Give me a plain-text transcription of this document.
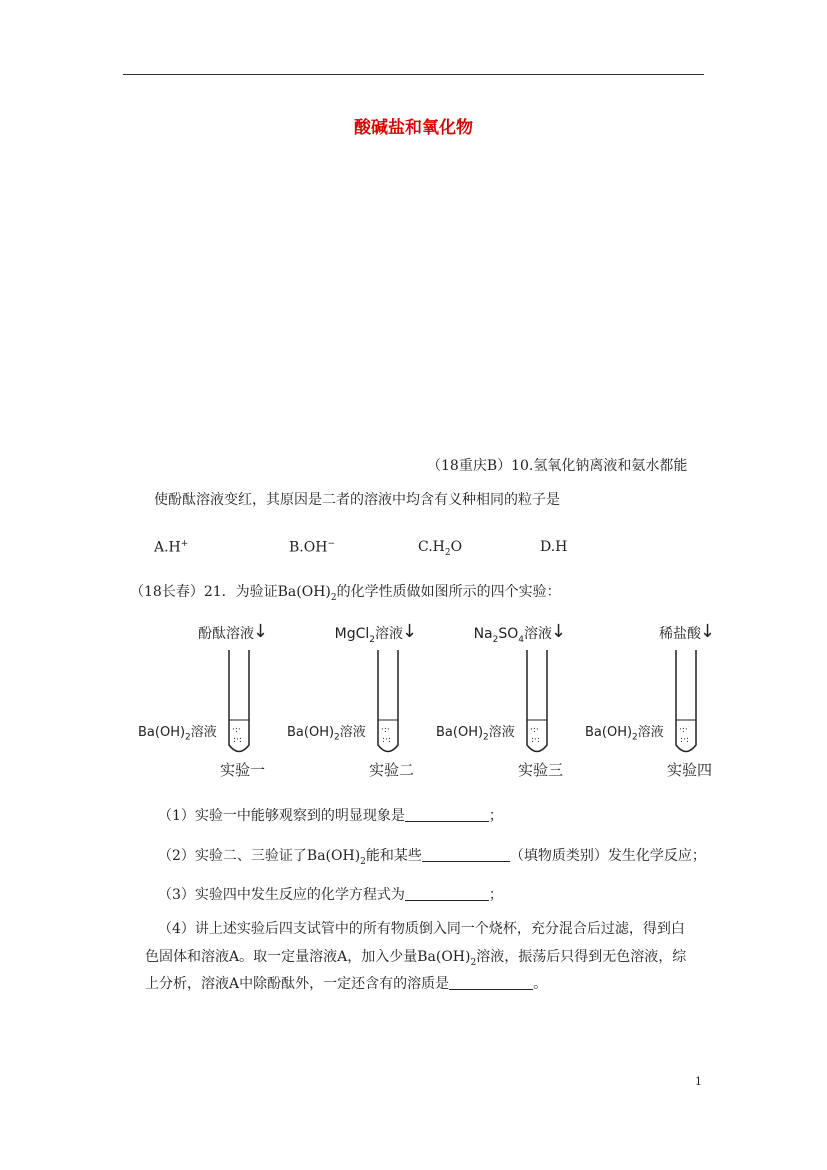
酸碱盐和氧化物
（18重庆B）10.氢氧化钠离液和氨水都能
使酚酞溶液变红，其原因是二者的溶液中均含有义种相同的粒子是
A.H+	B.OH−	$C.H_2O$	D.H
（18长春）21．为验证$Ba(OH)_2$的化学性质做如图所示的四个实验：
酚酞溶液
↓
·:·
:·:
$Ba(OH)_2$溶液
实验一
MgCl$_2$溶液
↓
·:·
:·:
$Ba(OH)_2$溶液
实验二
$Na_2SO_4$溶液
↓
·:·
:·:
$Ba(OH)_2$溶液
实验三
稀盐酸
↓
·:·
:·:
$Ba(OH)_2$溶液
实验四
（1）实验一中能够观察到的明显现象是	；
（2）实验二、三验证了$Ba(OH)_2$能和某些	（填物质类别）发生化学反应；
（3）实验四中发生反应的化学方程式为	；
（4）讲上述实验后四支试管中的所有物质倒入同一个烧杯，充分混合后过滤，得到白
色固体和溶液A。取一定量溶液A，加入少量$Ba(OH)_2$溶液，振荡后只得到无色溶液，综
上分析，溶液A中除酚酞外，一定还含有的溶质是	。
1
